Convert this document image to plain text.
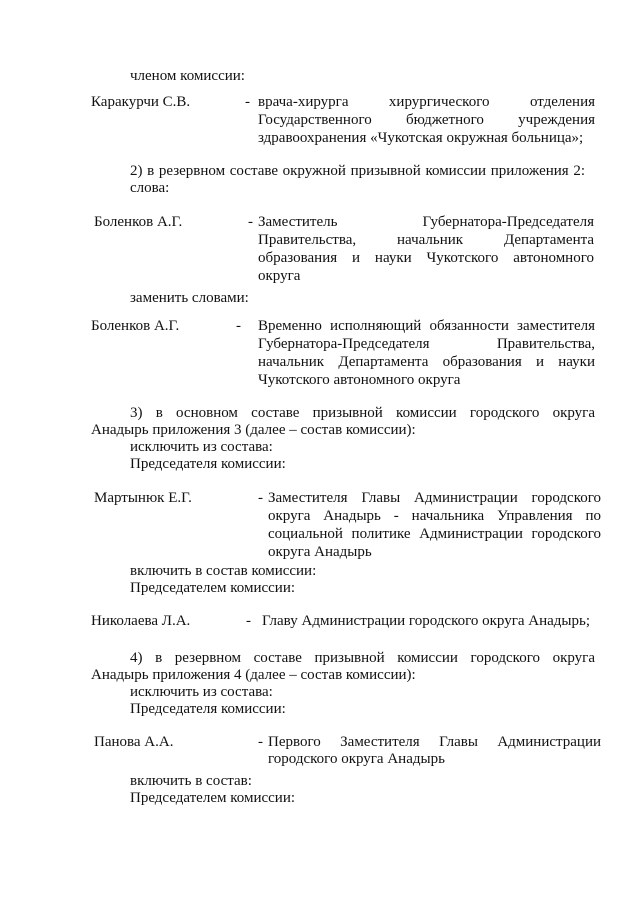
членом комиссии:
Каракурчи С.В.	- врача-хирурга хирургического отделения
Государственного бюджетного учреждения
здравоохранения «Чукотская окружная больница»;
2) в резервном составе окружной призывной комиссии приложения 2:
слова:
Боленков А.Г.	- Заместитель Губернатора-Председателя
Правительства, начальник Департамента
образования и науки Чукотского автономного
округа
заменить словами:
Боленков А.Г.	- Временно исполняющий обязанности заместителя
Губернатора-Председателя Правительства,
начальник Департамента образования и науки
Чукотского автономного округа
3) в основном составе призывной комиссии городского округа
Анадырь приложения 3 (далее – состав комиссии):
исключить из состава:
Председателя комиссии:
Мартынюк Е.Г.	- Заместителя Главы Администрации городского
округа Анадырь - начальника Управления по
социальной политике Администрации городского
округа Анадырь
включить в состав комиссии:
Председателем комиссии:
Николаева Л.А.	- Главу Администрации городского округа Анадырь;
4) в резервном составе призывной комиссии городского округа
Анадырь приложения 4 (далее – состав комиссии):
исключить из состава:
Председателя комиссии:
Панова А.А.	- Первого Заместителя Главы Администрации
городского округа Анадырь
включить в состав:
Председателем комиссии:
